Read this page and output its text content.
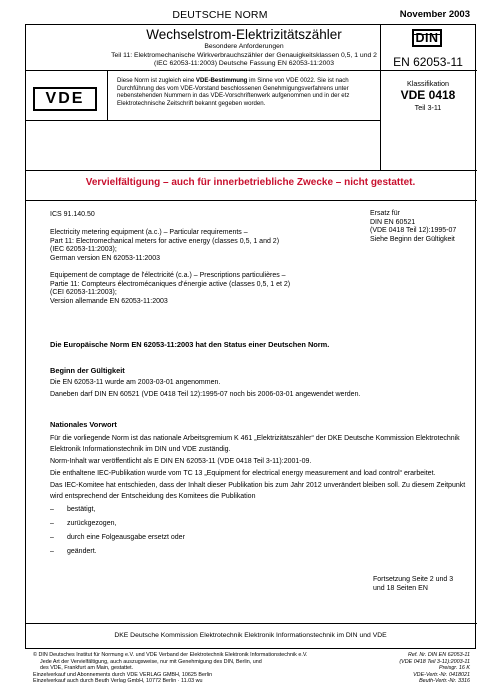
DEUTSCHE NORM	November 2003
Wechselstrom-Elektrizitätszähler
Besondere Anforderungen
Teil 11: Elektromechanische Wirkverbrauchszähler der Genauigkeitsklassen 0,5, 1 und 2
(IEC 62053-11:2003) Deutsche Fassung EN 62053-11:2003
DIN
EN 62053-11
VDE
Diese Norm ist zugleich eine VDE-Bestimmung im Sinne von VDE 0022. Sie ist nach Durchführung des vom VDE-Vorstand beschlossenen Genehmigungsverfahrens unter nebenstehenden Nummern in das VDE-Vorschriftenwerk aufgenommen und in der etz Elektrotechnische Zeitschrift bekannt gegeben worden.
Klassifikation
VDE 0418
Teil 3-11
Vervielfältigung – auch für innerbetriebliche Zwecke – nicht gestattet.
ICS 91.140.50

Electricity metering equipment (a.c.) – Particular requirements –
Part 11: Electromechanical meters for active energy (classes 0,5, 1 and 2)
(IEC 62053-11:2003);
German version EN 62053-11:2003

Equipement de comptage de l'électricité (c.a.) – Prescriptions particulières –
Partie 11: Compteurs électromécaniques d'énergie active (classes 0,5, 1 et 2)
(CEI 62053-11:2003);
Version allemande EN 62053-11:2003

Ersatz für
DIN EN 60521
(VDE 0418 Teil 12):1995-07
Siehe Beginn der Gültigkeit
Die Europäische Norm EN 62053-11:2003 hat den Status einer Deutschen Norm.
Beginn der Gültigkeit

Die EN 62053-11 wurde am 2003-03-01 angenommen.

Daneben darf DIN EN 60521 (VDE 0418 Teil 12):1995-07 noch bis 2006-03-01 angewendet werden.

Nationales Vorwort

Für die vorliegende Norm ist das nationale Arbeitsgremium K 461 „Elektrizitätszähler“ der DKE Deutsche Kommission Elektrotechnik Elektronik Informationstechnik im DIN und VDE zuständig.

Norm-Inhalt war veröffentlicht als E DIN EN 62053-11 (VDE 0418 Teil 3-11):2001-09.

Die enthaltene IEC-Publikation wurde vom TC 13 „Equipment for electrical energy measurement and load control“ erarbeitet.

Das IEC-Komitee hat entschieden, dass der Inhalt dieser Publikation bis zum Jahr 2012 unverändert bleiben soll. Zu diesem Zeitpunkt wird entsprechend der Entscheidung des Komitees die Publikation

– bestätigt,
– zurückgezogen,
– durch eine Folgeausgabe ersetzt oder
– geändert.
Fortsetzung Seite 2 und 3
und 18 Seiten EN
DKE Deutsche Kommission Elektrotechnik Elektronik Informationstechnik im DIN und VDE
© DIN Deutsches Institut für Normung e.V. und VDE Verband der Elektrotechnik Elektronik Informationstechnik e.V.
Jede Art der Vervielfältigung, auch auszugsweise, nur mit Genehmigung des DIN, Berlin, und
des VDE, Frankfurt am Main, gestattet.
Einzelverkauf und Abonnements durch VDE VERLAG GMBH, 10625 Berlin
Einzelverkauf auch durch Beuth Verlag GmbH, 10772 Berlin · 11.03 wu
Ref. Nr. DIN EN 62053-11
(VDE 0418 Teil 3-11):2003-11
Preisgr. 16 K
VDE-Vertr.-Nr. 0418021
Beuth-Vertr.-Nr. 3316
